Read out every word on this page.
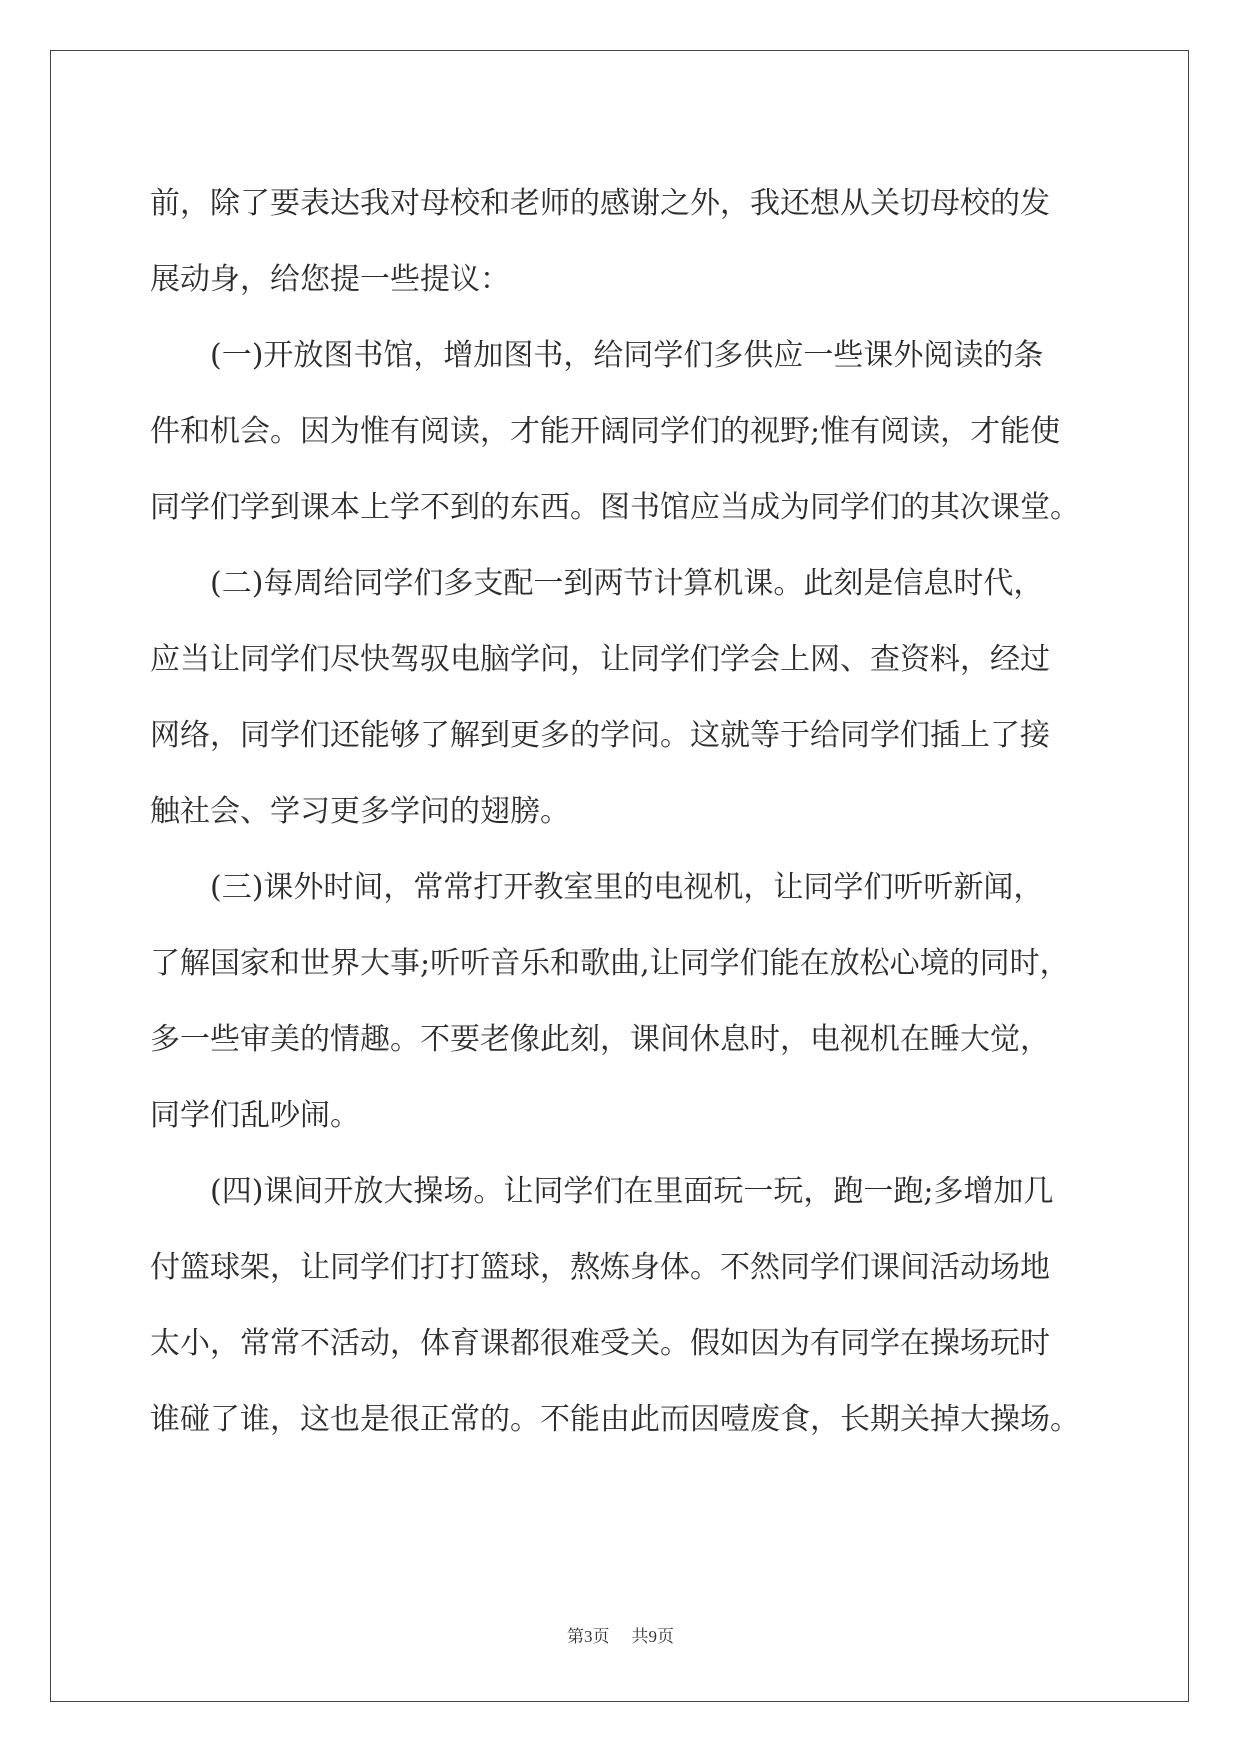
前，除了要表达我对母校和老师的感谢之外，我还想从关切母校的发
展动身，给您提一些提议：
(一)开放图书馆，增加图书，给同学们多供应一些课外阅读的条
件和机会。因为惟有阅读，才能开阔同学们的视野;惟有阅读，才能使
同学们学到课本上学不到的东西。图书馆应当成为同学们的其次课堂。
(二)每周给同学们多支配一到两节计算机课。此刻是信息时代，
应当让同学们尽快驾驭电脑学问，让同学们学会上网、查资料，经过
网络，同学们还能够了解到更多的学问。这就等于给同学们插上了接
触社会、学习更多学问的翅膀。
(三)课外时间，常常打开教室里的电视机，让同学们听听新闻，
了解国家和世界大事;听听音乐和歌曲,让同学们能在放松心境的同时，
多一些审美的情趣。不要老像此刻，课间休息时，电视机在睡大觉，
同学们乱吵闹。
(四)课间开放大操场。让同学们在里面玩一玩，跑一跑;多增加几
付篮球架，让同学们打打篮球，熬炼身体。不然同学们课间活动场地
太小，常常不活动，体育课都很难受关。假如因为有同学在操场玩时
谁碰了谁，这也是很正常的。不能由此而因噎废食，长期关掉大操场。
第3页 共9页
